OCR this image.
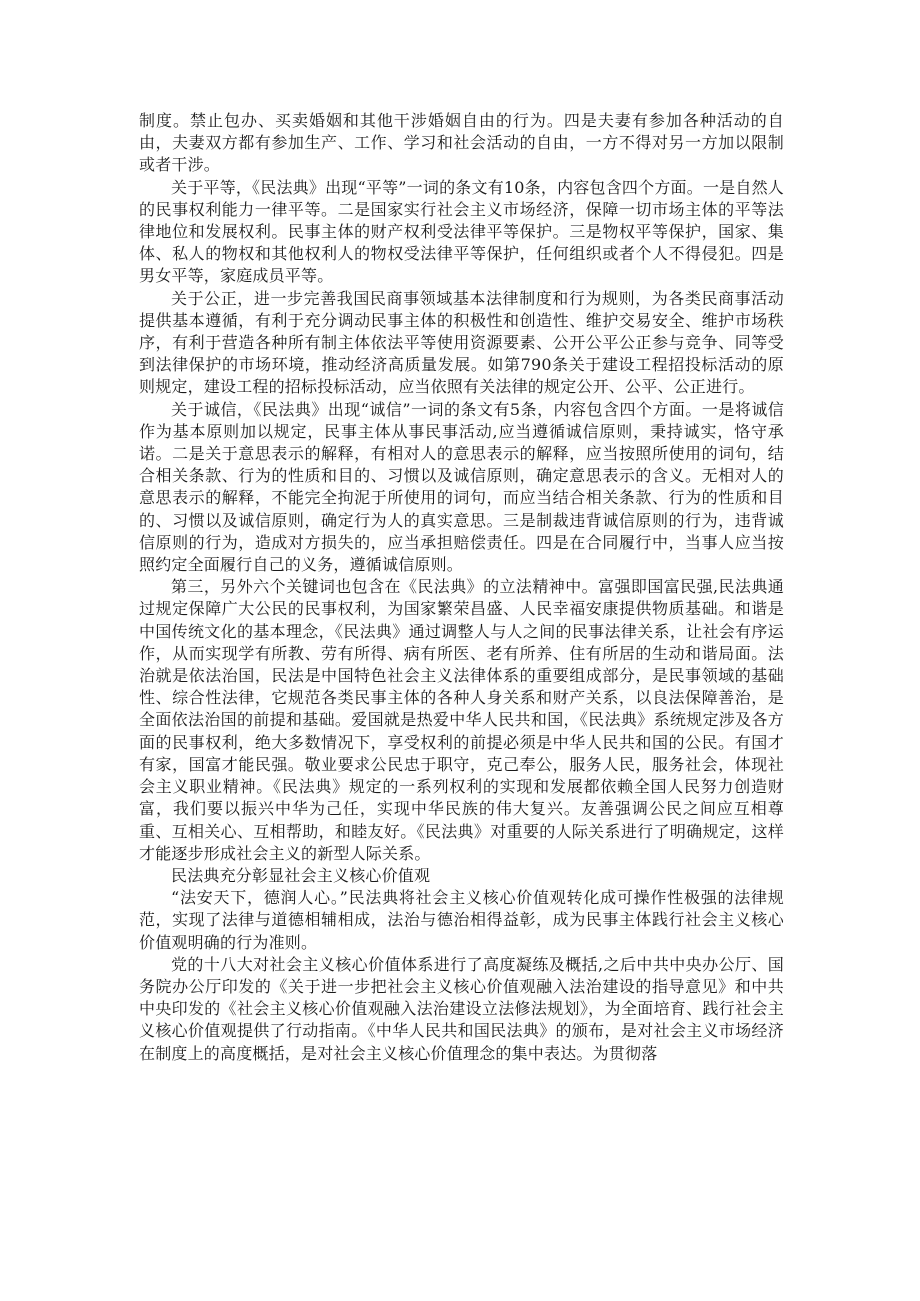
制度。禁止包办、买卖婚姻和其他干涉婚姻自由的行为。四是夫妻有参加各种活动的自由，夫妻双方都有参加生产、工作、学习和社会活动的自由，一方不得对另一方加以限制或者干涉。

关于平等，《民法典》出现“平等”一词的条文有10条，内容包含四个方面。一是自然人的民事权利能力一律平等。二是国家实行社会主义市场经济，保障一切市场主体的平等法律地位和发展权利。民事主体的财产权利受法律平等保护。三是物权平等保护，国家、集体、私人的物权和其他权利人的物权受法律平等保护，任何组织或者个人不得侵犯。四是男女平等，家庭成员平等。

关于公正，进一步完善我国民商事领域基本法律制度和行为规则，为各类民商事活动提供基本遵循，有利于充分调动民事主体的积极性和创造性、维护交易安全、维护市场秩序，有利于营造各种所有制主体依法平等使用资源要素、公开公平公正参与竞争、同等受到法律保护的市场环境，推动经济高质量发展。如第790条关于建设工程招投标活动的原则规定，建设工程的招标投标活动，应当依照有关法律的规定公开、公平、公正进行。

关于诚信，《民法典》出现“诚信”一词的条文有5条，内容包含四个方面。一是将诚信作为基本原则加以规定，民事主体从事民事活动,应当遵循诚信原则，秉持诚实，恪守承诺。二是关于意思表示的解释，有相对人的意思表示的解释，应当按照所使用的词句，结合相关条款、行为的性质和目的、习惯以及诚信原则，确定意思表示的含义。无相对人的意思表示的解释，不能完全拘泥于所使用的词句，而应当结合相关条款、行为的性质和目的、习惯以及诚信原则，确定行为人的真实意思。三是制裁违背诚信原则的行为，违背诚信原则的行为，造成对方损失的，应当承担赔偿责任。四是在合同履行中，当事人应当按照约定全面履行自己的义务，遵循诚信原则。

第三，另外六个关键词也包含在《民法典》的立法精神中。富强即国富民强,民法典通过规定保障广大公民的民事权利，为国家繁荣昌盛、人民幸福安康提供物质基础。和谐是中国传统文化的基本理念，《民法典》通过调整人与人之间的民事法律关系，让社会有序运作，从而实现学有所教、劳有所得、病有所医、老有所养、住有所居的生动和谐局面。法治就是依法治国，民法是中国特色社会主义法律体系的重要组成部分，是民事领域的基础性、综合性法律，它规范各类民事主体的各种人身关系和财产关系，以良法保障善治，是全面依法治国的前提和基础。爱国就是热爱中华人民共和国，《民法典》系统规定涉及各方面的民事权利，绝大多数情况下，享受权利的前提必须是中华人民共和国的公民。有国才有家，国富才能民强。敬业要求公民忠于职守，克己奉公，服务人民，服务社会，体现社会主义职业精神。《民法典》规定的一系列权利的实现和发展都依赖全国人民努力创造财富，我们要以振兴中华为己任，实现中华民族的伟大复兴。友善强调公民之间应互相尊重、互相关心、互相帮助，和睦友好。《民法典》对重要的人际关系进行了明确规定，这样才能逐步形成社会主义的新型人际关系。

民法典充分彰显社会主义核心价值观

“法安天下，德润人心。”民法典将社会主义核心价值观转化成可操作性极强的法律规范，实现了法律与道德相辅相成，法治与德治相得益彰，成为民事主体践行社会主义核心价值观明确的行为准则。

党的十八大对社会主义核心价值体系进行了高度凝练及概括,之后中共中央办公厅、国务院办公厅印发的《关于进一步把社会主义核心价值观融入法治建设的指导意见》和中共中央印发的《社会主义核心价值观融入法治建设立法修法规划》，为全面培育、践行社会主义核心价值观提供了行动指南。《中华人民共和国民法典》的颁布，是对社会主义市场经济在制度上的高度概括，是对社会主义核心价值理念的集中表达。为贯彻落
